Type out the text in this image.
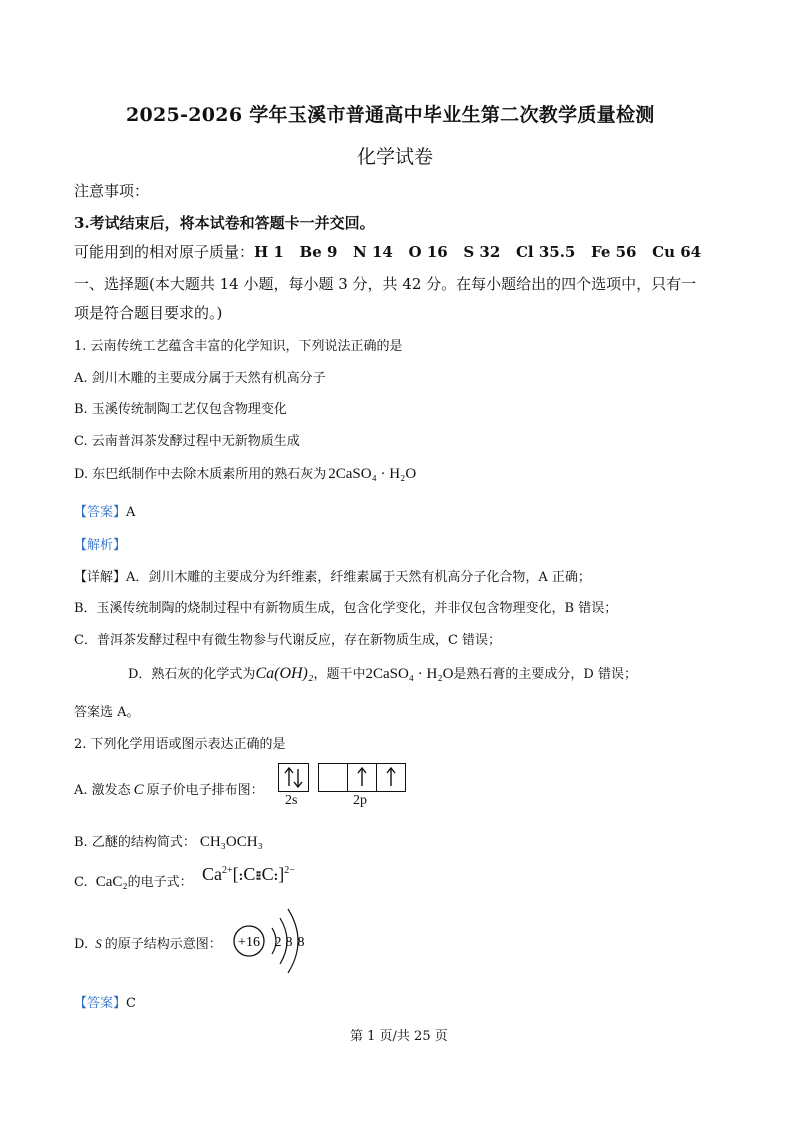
2025-2026 学年玉溪市普通高中毕业生第二次教学质量检测
化学试卷
注意事项：
3.考试结束后，将本试卷和答题卡一并交回。
可能用到的相对原子质量：H 1   Be 9   N 14   O 16   S 32   Cl 35.5   Fe 56   Cu 64
一、选择题(本大题共 14 小题，每小题 3 分，共 42 分。在每小题给出的四个选项中，只有一
项是符合题目要求的。)
1. 云南传统工艺蕴含丰富的化学知识，下列说法正确的是
A. 剑川木雕的主要成分属于天然有机高分子
B. 玉溪传统制陶工艺仅包含物理变化
C. 云南普洱茶发酵过程中无新物质生成
D. 东巴纸制作中去除木质素所用的熟石灰为 2CaSO₄ · H₂O
【答案】A
【解析】
【详解】A．剑川木雕的主要成分为纤维素，纤维素属于天然有机高分子化合物，A 正确；
B．玉溪传统制陶的烧制过程中有新物质生成，包含化学变化，并非仅包含物理变化，B 错误；
C．普洱茶发酵过程中有微生物参与代谢反应，存在新物质生成，C 错误；
D．熟石灰的化学式为Ca(OH)₂，题干中2CaSO₄ · H₂O是熟石膏的主要成分，D 错误；
答案选 A。
2. 下列化学用语或图示表达正确的是
A. 激发态 C 原子价电子排布图：
2s	2p
B. 乙醚的结构简式： CH₃OCH₃
C. CaC₂的电子式： $Ca^{2+}[:C⁝⁝$ C:]$^{2-}$
D. S 的原子结构示意图： +16 2 8 8
【答案】C
第 1 页/共 25 页
